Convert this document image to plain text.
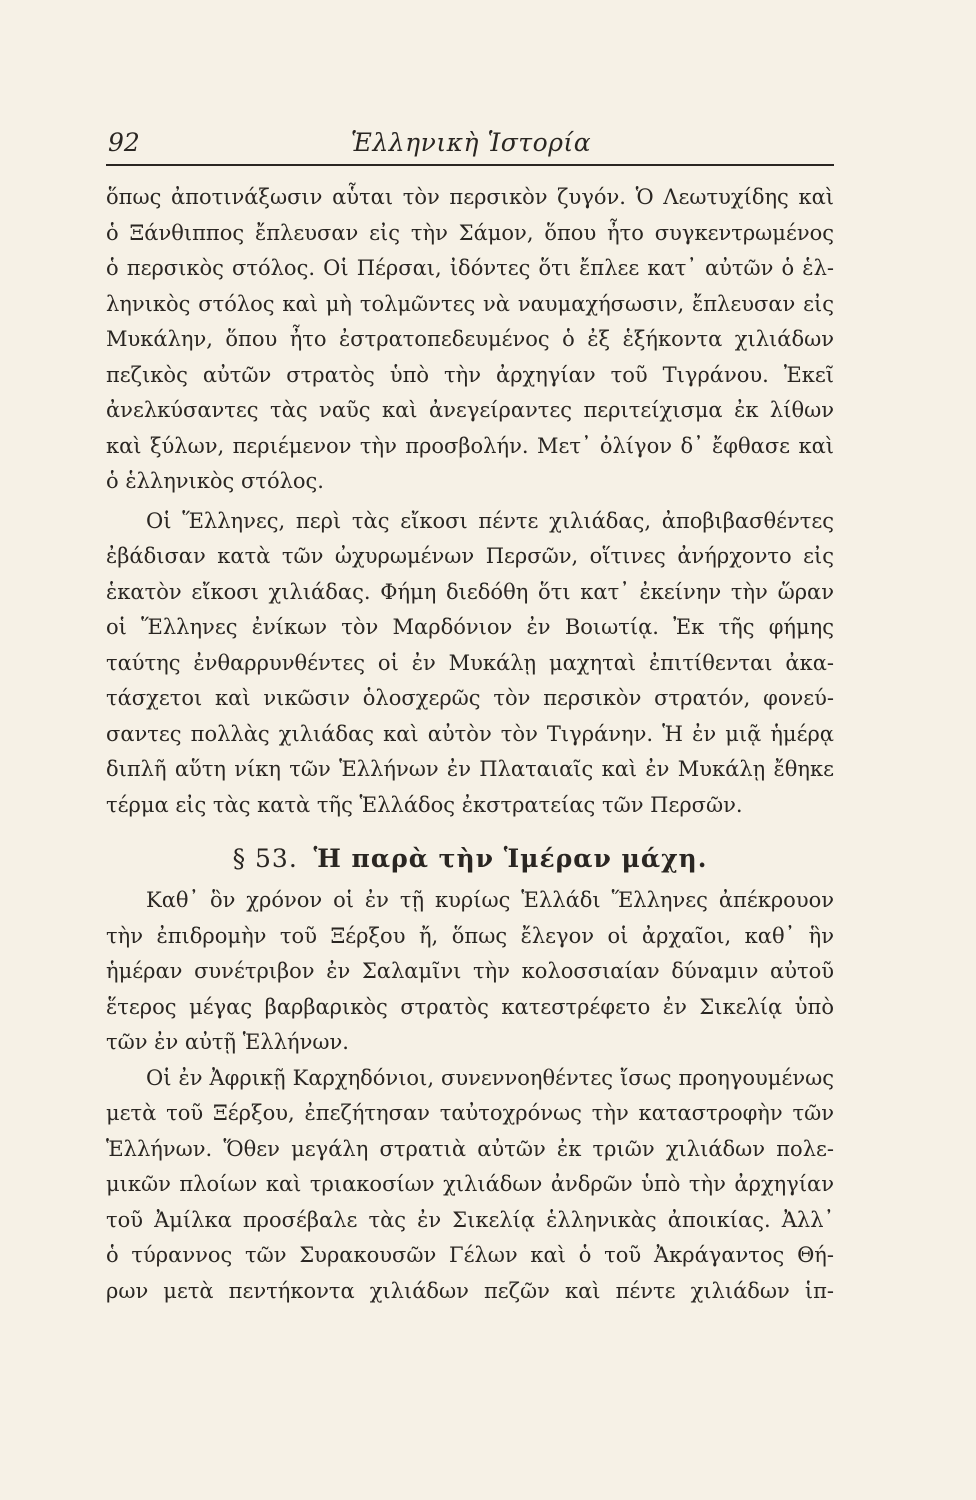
92	Ἑλληνικὴ Ἱστορία
ὅπως ἀποτινάξωσιν αὗται τὸν περσικὸν ζυγόν. Ὁ Λεωτυχίδης καὶ
ὁ Ξάνθιππος ἔπλευσαν εἰς τὴν Σάμον, ὅπου ἦτο συγκεντρωμένος
ὁ περσικὸς στόλος. Οἱ Πέρσαι, ἰδόντες ὅτι ἔπλεε κατ᾽ αὐτῶν ὁ ἑλ-
ληνικὸς στόλος καὶ μὴ τολμῶντες νὰ ναυμαχήσωσιν, ἔπλευσαν εἰς
Μυκάλην, ὅπου ἦτο ἐστρατοπεδευμένος ὁ ἐξ ἑξήκοντα χιλιάδων
πεζικὸς αὐτῶν στρατὸς ὑπὸ τὴν ἀρχηγίαν τοῦ Τιγράνου. Ἐκεῖ
ἀνελκύσαντες τὰς ναῦς καὶ ἀνεγείραντες περιτείχισμα ἐκ λίθων
καὶ ξύλων, περιέμενον τὴν προσβολήν. Μετ᾽ ὀλίγον δ᾽ ἔφθασε καὶ
ὁ ἑλληνικὸς στόλος.
Οἱ Ἕλληνες, περὶ τὰς εἴκοσι πέντε χιλιάδας, ἀποβιβασθέντες
ἐβάδισαν κατὰ τῶν ὠχυρωμένων Περσῶν, οἵτινες ἀνήρχοντο εἰς
ἑκατὸν εἴκοσι χιλιάδας. Φήμη διεδόθη ὅτι κατ᾽ ἐκείνην τὴν ὥραν
οἱ Ἕλληνες ἐνίκων τὸν Μαρδόνιον ἐν Βοιωτίᾳ. Ἐκ τῆς φήμης
ταύτης ἐνθαρρυνθέντες οἱ ἐν Μυκάλῃ μαχηταὶ ἐπιτίθενται ἀκα-
τάσχετοι καὶ νικῶσιν ὁλοσχερῶς τὸν περσικὸν στρατόν, φονεύ-
σαντες πολλὰς χιλιάδας καὶ αὐτὸν τὸν Τιγράνην. Ἡ ἐν μιᾷ ἡμέρᾳ
διπλῆ αὕτη νίκη τῶν Ἑλλήνων ἐν Πλαταιαῖς καὶ ἐν Μυκάλῃ ἔθηκε
τέρμα εἰς τὰς κατὰ τῆς Ἑλλάδος ἐκστρατείας τῶν Περσῶν.
§ 53. Ἡ παρὰ τὴν Ἱμέραν μάχη.
Καθ᾽ ὃν χρόνον οἱ ἐν τῇ κυρίως Ἑλλάδι Ἕλληνες ἀπέκρουον
τὴν ἐπιδρομὴν τοῦ Ξέρξου ἤ, ὅπως ἔλεγον οἱ ἀρχαῖοι, καθ᾽ ἣν
ἡμέραν συνέτριβον ἐν Σαλαμῖνι τὴν κολοσσιαίαν δύναμιν αὐτοῦ
ἕτερος μέγας βαρβαρικὸς στρατὸς κατεστρέφετο ἐν Σικελίᾳ ὑπὸ
τῶν ἐν αὐτῇ Ἑλλήνων.
Οἱ ἐν Ἀφρικῇ Καρχηδόνιοι, συνεννοηθέντες ἴσως προηγουμένως
μετὰ τοῦ Ξέρξου, ἐπεζήτησαν ταὐτοχρόνως τὴν καταστροφὴν τῶν
Ἑλλήνων. Ὅθεν μεγάλη στρατιὰ αὐτῶν ἐκ τριῶν χιλιάδων πολε-
μικῶν πλοίων καὶ τριακοσίων χιλιάδων ἀνδρῶν ὑπὸ τὴν ἀρχηγίαν
τοῦ Ἀμίλκα προσέβαλε τὰς ἐν Σικελίᾳ ἑλληνικὰς ἀποικίας. Ἀλλ᾽
ὁ τύραννος τῶν Συρακουσῶν Γέλων καὶ ὁ τοῦ Ἀκράγαντος Θή-
ρων μετὰ πεντήκοντα χιλιάδων πεζῶν καὶ πέντε χιλιάδων ἱπ-
